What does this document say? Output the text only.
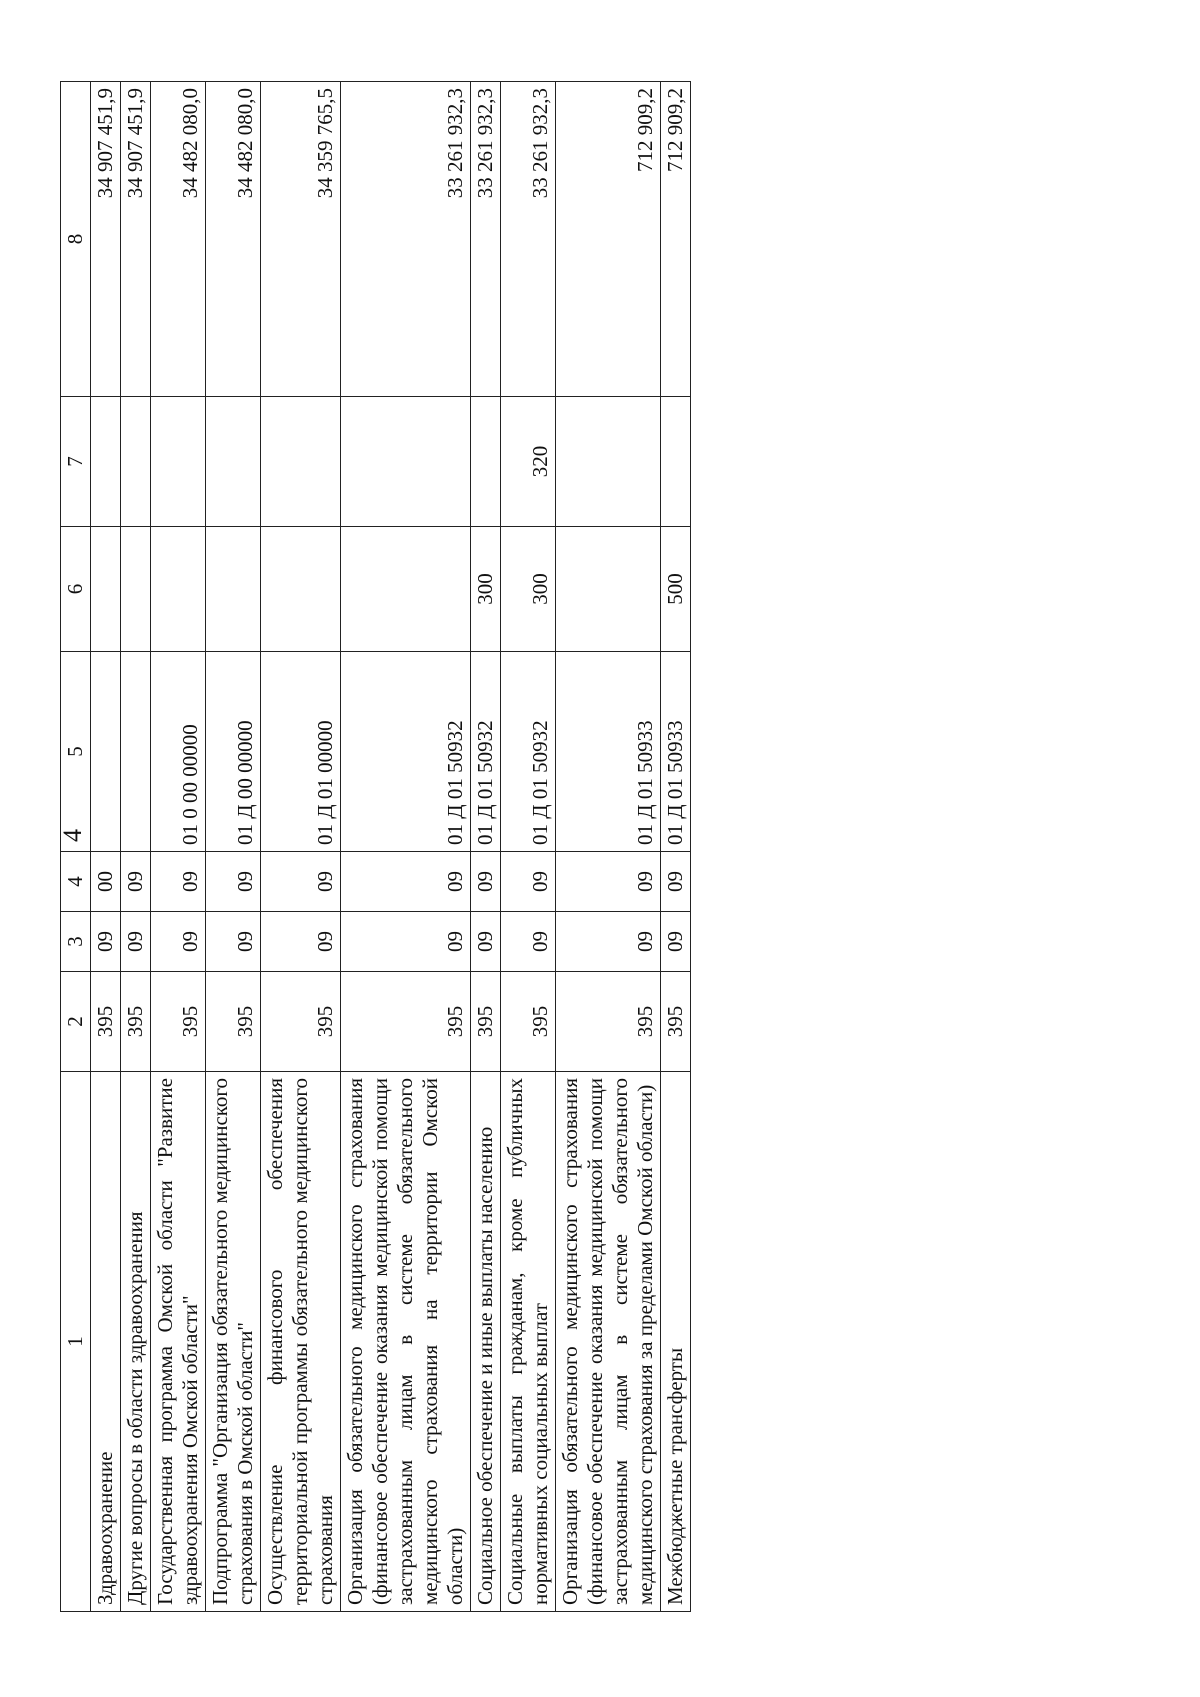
4
1	2	3	4	5	6	7	8
Здравоохранение	395	09	00				34 907 451,9
Другие вопросы в области здравоохранения	395	09	09				34 907 451,9
Государственная программа Омской области "Развитие здравоохранения Омской области"	395	09	09	01 0 00 00000			34 482 080,0
Подпрограмма "Организация обязательного медицинского страхования в Омской области"	395	09	09	01 Д 00 00000			34 482 080,0
Осуществление финансового обеспечения территориальной программы обязательного медицинского страхования	395	09	09	01 Д 01 00000			34 359 765,5
Организация обязательного медицинского страхования (финансовое обеспечение оказания медицинской помощи застрахованным лицам в системе обязательного медицинского страхования на территории Омской области)	395	09	09	01 Д 01 50932			33 261 932,3
Социальное обеспечение и иные выплаты населению	395	09	09	01 Д 01 50932	300		33 261 932,3
Социальные выплаты гражданам, кроме публичных нормативных социальных выплат	395	09	09	01 Д 01 50932	300	320	33 261 932,3
Организация обязательного медицинского страхования (финансовое обеспечение оказания медицинской помощи застрахованным лицам в системе обязательного медицинского страхования за пределами Омской области)	395	09	09	01 Д 01 50933			712 909,2
Межбюджетные трансферты	395	09	09	01 Д 01 50933	500		712 909,2
